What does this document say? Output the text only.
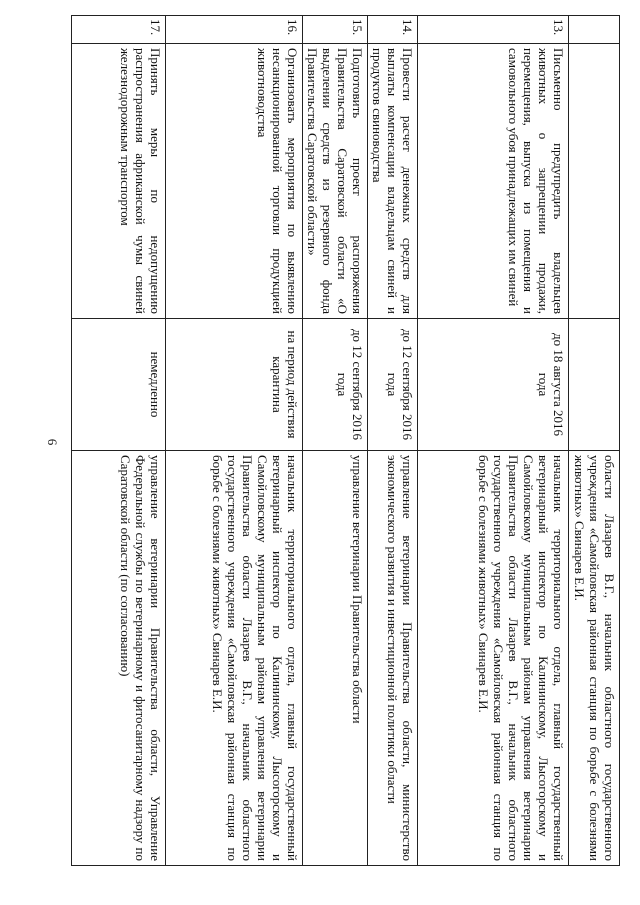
6
			области Лазарев В.Г., начальник областного государственного учреждения «Самойловская районная станция по борьбе с болезнями животных» Свинарев Е.И.
13.	Письменно предупредить владельцев животных о запрещении продажи, перемещения, выпуска из помещения и самовольного убоя принадлежащих им свиней	до 18 августа 2016 года	начальник территориального отдела, главный государственный ветеринарный инспектор по Калининскому, Лысогорскому и Самойловскому муниципальным районам управления ветеринарии Правительства области Лазарев В.Г., начальник областного государственного учреждения «Самойловская районная станция по борьбе с болезнями животных» Свинарев Е.И.
14.	Провести расчет денежных средств для выплаты компенсации владельцам свиней и продуктов свиноводства	до 12 сентября 2016 года	управление ветеринарии Правительства области, министерство экономического развития и инвестиционной политики области
15.	Подготовить проект распоряжения Правительства Саратовской области «О выделении средств из резервного фонда Правительства Саратовской области»	до 12 сентября 2016 года	управление ветеринарии Правительства области
16.	Организовать мероприятия по выявлению несанкционированной торговли продукцией животноводства	на период действия карантина	начальник территориального отдела, главный государственный ветеринарный инспектор по Калининскому, Лысогорскому и Самойловскому муниципальным районам управления ветеринарии Правительства области Лазарев В.Г., начальник областного государственного учреждения «Самойловская районная станция по борьбе с болезнями животных» Свинарев Е.И.
17.	Принять меры по недопущению распространения африканской чумы свиней железнодорожным транспортом	немедленно	управление ветеринарии Правительства области, Управление Федеральной службы по ветеринарному и фитосанитарному надзору по Саратовской области (по согласованию)
